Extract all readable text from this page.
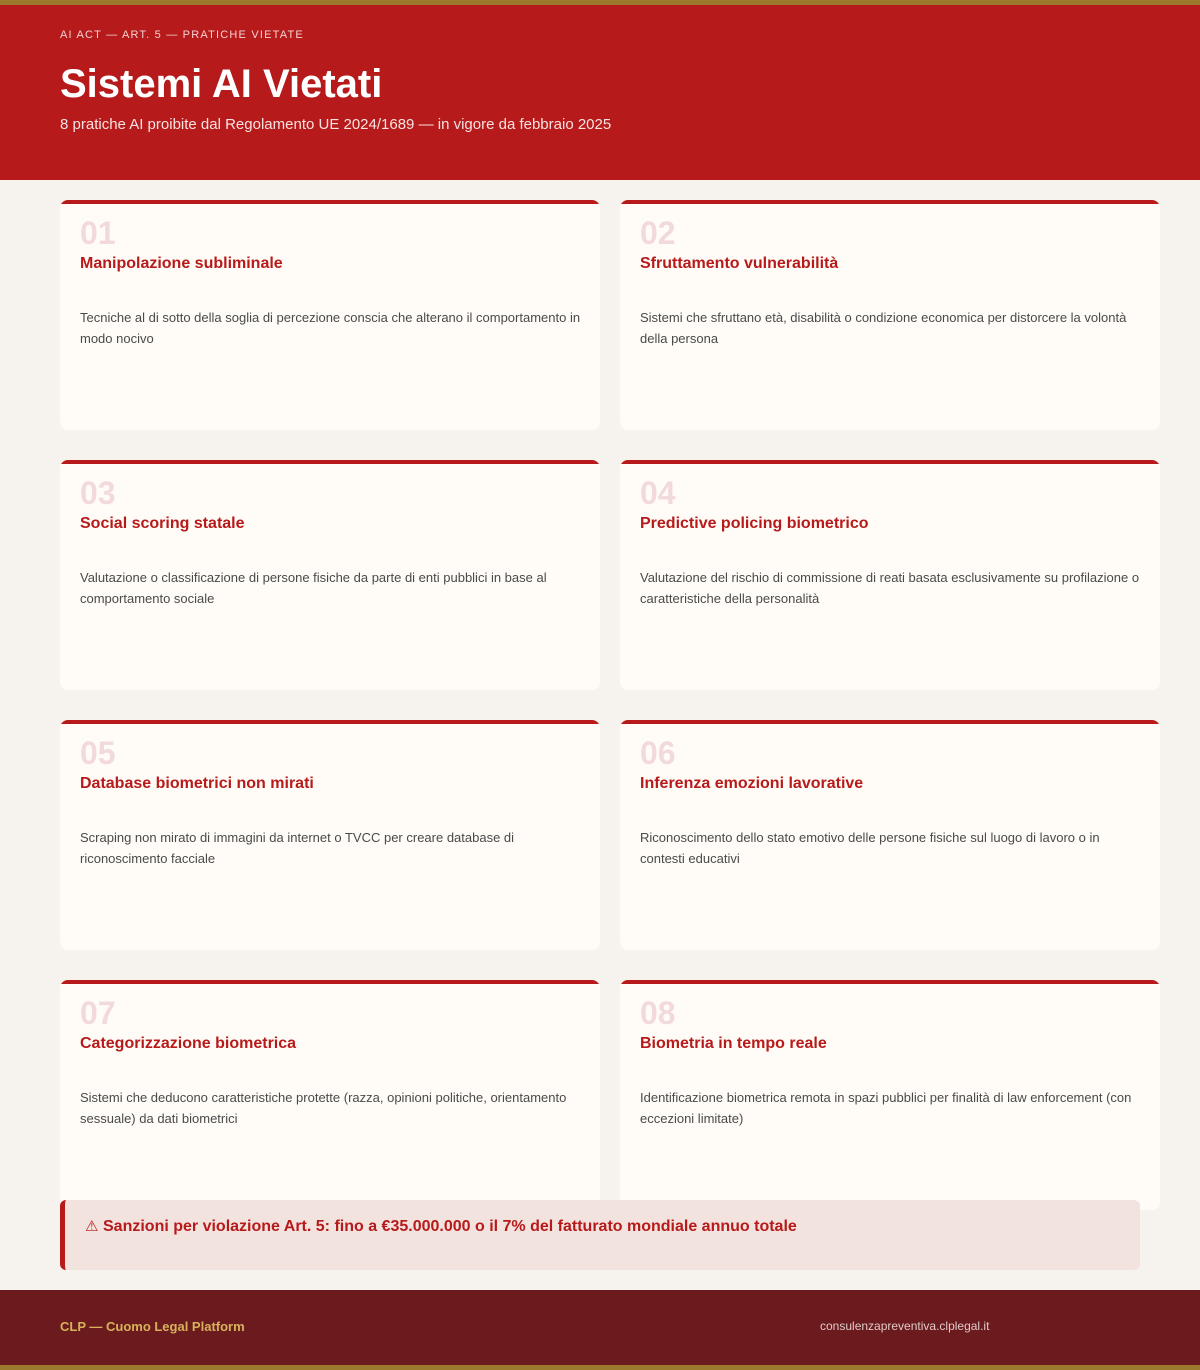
AI ACT — ART. 5 — PRATICHE VIETATE
Sistemi AI Vietati
8 pratiche AI proibite dal Regolamento UE 2024/1689 — in vigore da febbraio 2025
01
Manipolazione subliminale
Tecniche al di sotto della soglia di percezione conscia che alterano il comportamento in modo nocivo
02
Sfruttamento vulnerabilità
Sistemi che sfruttano età, disabilità o condizione economica per distorcere la volontà della persona
03
Social scoring statale
Valutazione o classificazione di persone fisiche da parte di enti pubblici in base al comportamento sociale
04
Predictive policing biometrico
Valutazione del rischio di commissione di reati basata esclusivamente su profilazione o caratteristiche della personalità
05
Database biometrici non mirati
Scraping non mirato di immagini da internet o TVCC per creare database di riconoscimento facciale
06
Inferenza emozioni lavorative
Riconoscimento dello stato emotivo delle persone fisiche sul luogo di lavoro o in contesti educativi
07
Categorizzazione biometrica
Sistemi che deducono caratteristiche protette (razza, opinioni politiche, orientamento sessuale) da dati biometrici
08
Biometria in tempo reale
Identificazione biometrica remota in spazi pubblici per finalità di law enforcement (con eccezioni limitate)
⚠ Sanzioni per violazione Art. 5: fino a €35.000.000 o il 7% del fatturato mondiale annuo totale
CLP — Cuomo Legal Platform	consulenzapreventiva.clplegal.it
